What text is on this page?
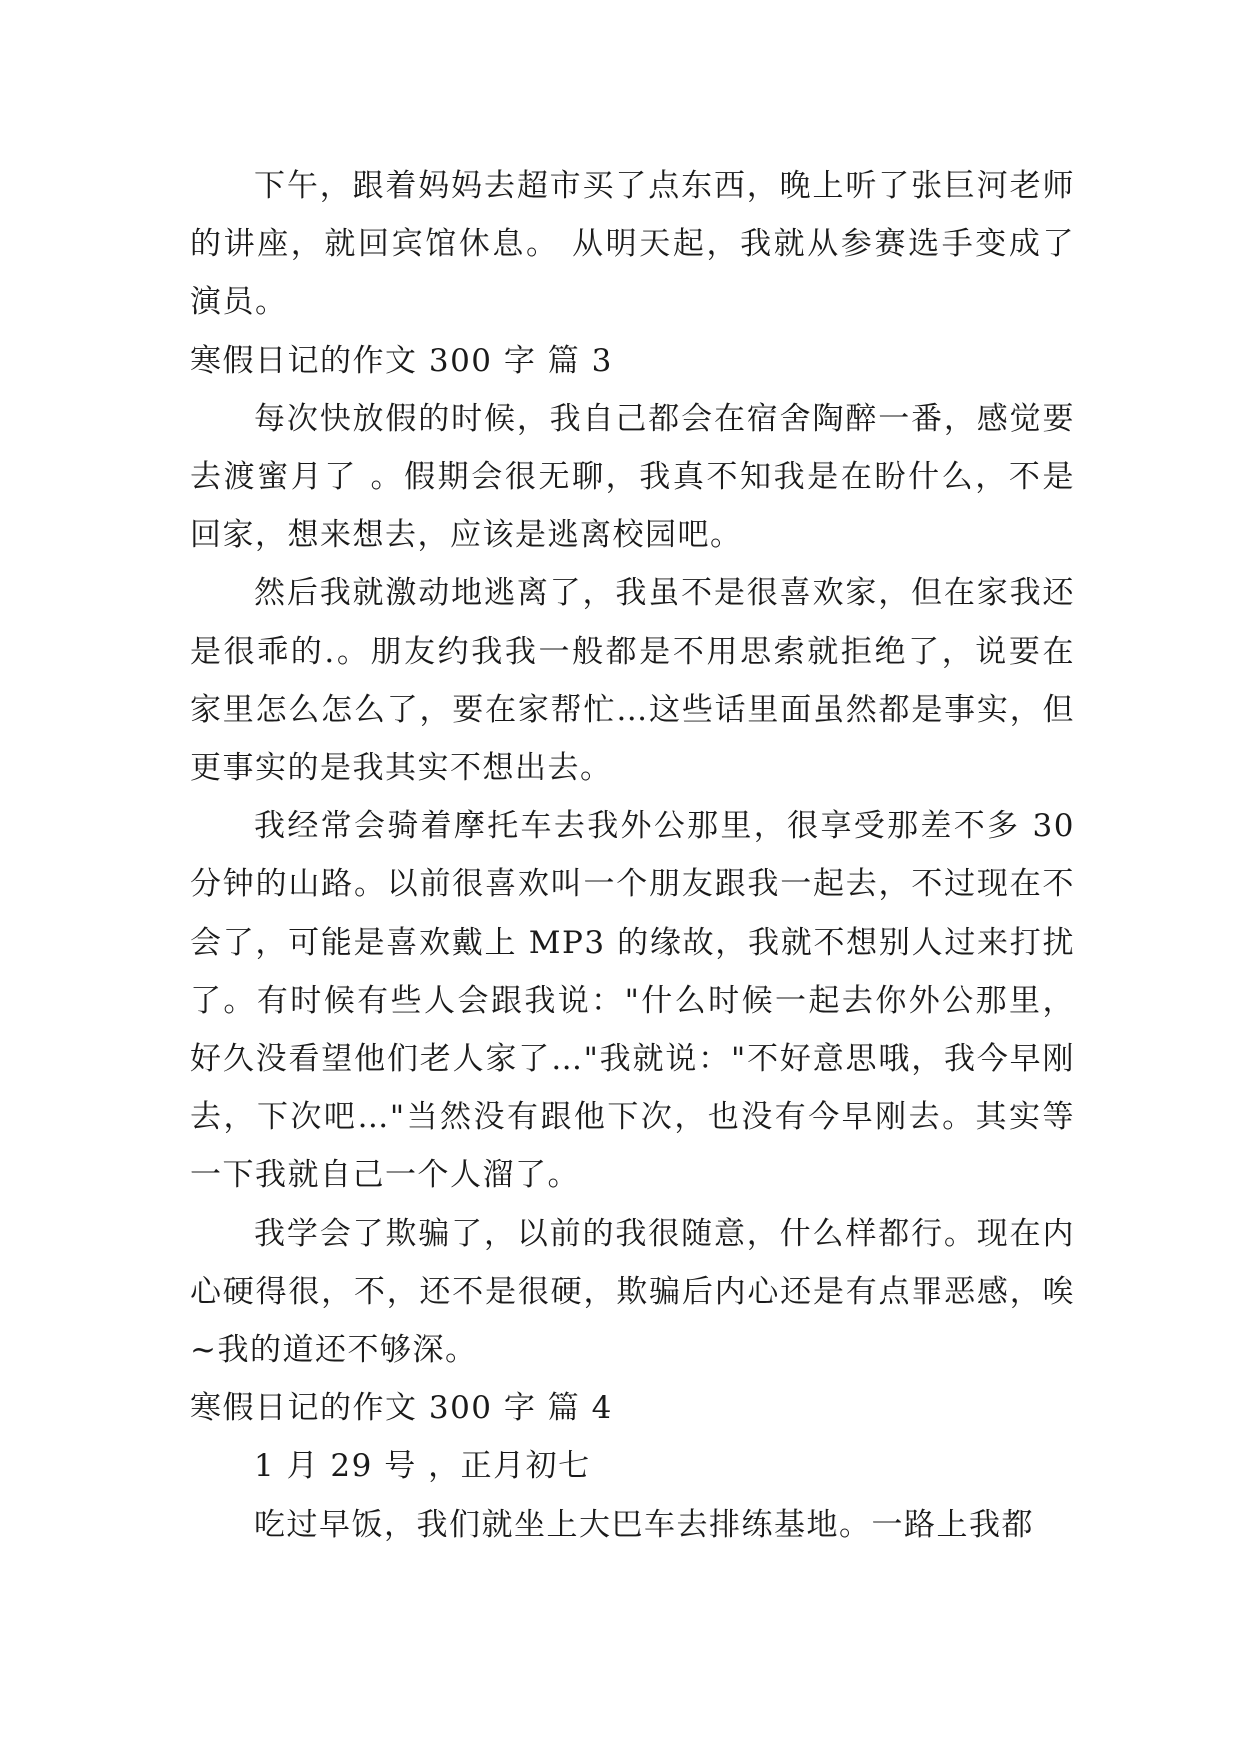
下午，跟着妈妈去超市买了点东西，晚上听了张巨河老师的讲座，就回宾馆休息。 从明天起，我就从参赛选手变成了演员。

寒假日记的作文 300 字 篇 3

每次快放假的时候，我自己都会在宿舍陶醉一番，感觉要去渡蜜月了 。假期会很无聊，我真不知我是在盼什么，不是回家，想来想去，应该是逃离校园吧。

然后我就激动地逃离了，我虽不是很喜欢家，但在家我还是很乖的.。朋友约我我一般都是不用思索就拒绝了，说要在家里怎么怎么了，要在家帮忙…这些话里面虽然都是事实，但更事实的是我其实不想出去。

我经常会骑着摩托车去我外公那里，很享受那差不多 30 分钟的山路。以前很喜欢叫一个朋友跟我一起去，不过现在不会了，可能是喜欢戴上 MP3 的缘故，我就不想别人过来打扰了。有时候有些人会跟我说："什么时候一起去你外公那里，好久没看望他们老人家了…"我就说："不好意思哦，我今早刚去，下次吧…"当然没有跟他下次，也没有今早刚去。其实等一下我就自己一个人溜了。

我学会了欺骗了，以前的我很随意，什么样都行。现在内心硬得很，不，还不是很硬，欺骗后内心还是有点罪恶感，唉~我的道还不够深。

寒假日记的作文 300 字 篇 4

1 月 29 号 ，正月初七

吃过早饭，我们就坐上大巴车去排练基地。一路上我都
